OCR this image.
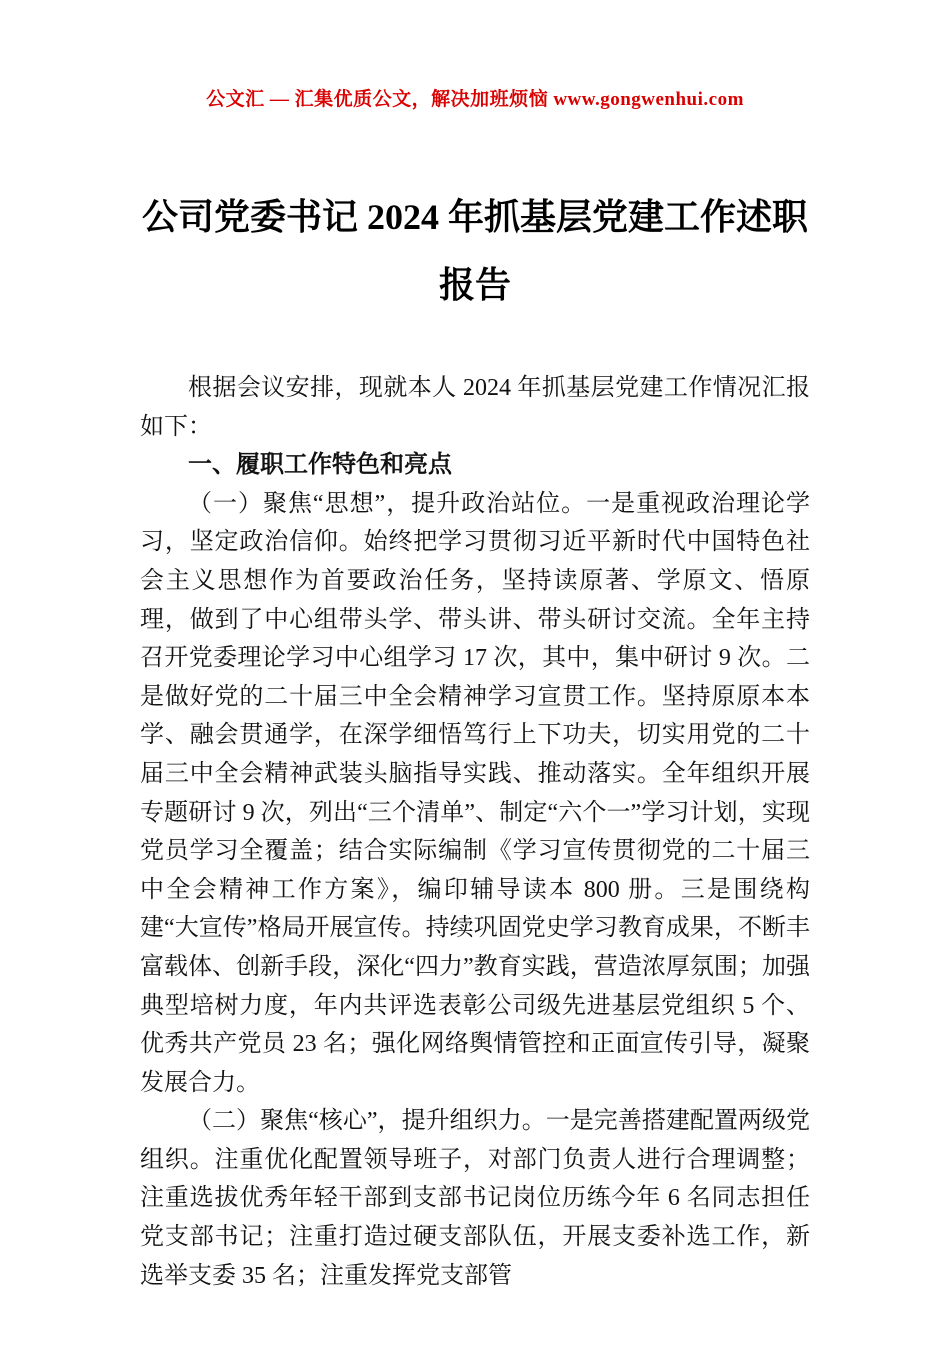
公文汇 — 汇集优质公文，解决加班烦恼 www.gongwenhui.com
公司党委书记 2024 年抓基层党建工作述职
报告

根据会议安排，现就本人 2024 年抓基层党建工作情况汇报如下：

一、履职工作特色和亮点

（一）聚焦“思想”，提升政治站位。一是重视政治理论学习，坚定政治信仰。始终把学习贯彻习近平新时代中国特色社会主义思想作为首要政治任务，坚持读原著、学原文、悟原理，做到了中心组带头学、带头讲、带头研讨交流。全年主持召开党委理论学习中心组学习 17 次，其中，集中研讨 9 次。二是做好党的二十届三中全会精神学习宣贯工作。坚持原原本本学、融会贯通学，在深学细悟笃行上下功夫，切实用党的二十届三中全会精神武装头脑指导实践、推动落实。全年组织开展专题研讨 9 次，列出“三个清单”、制定“六个一”学习计划，实现党员学习全覆盖；结合实际编制《学习宣传贯彻党的二十届三中全会精神工作方案》，编印辅导读本 800 册。三是围绕构建“大宣传”格局开展宣传。持续巩固党史学习教育成果，不断丰富载体、创新手段，深化“四力”教育实践，营造浓厚氛围；加强典型培树力度，年内共评选表彰公司级先进基层党组织 5 个、优秀共产党员 23 名；强化网络舆情管控和正面宣传引导，凝聚发展合力。

（二）聚焦“核心”，提升组织力。一是完善搭建配置两级党组织。注重优化配置领导班子，对部门负责人进行合理调整；注重选拔优秀年轻干部到支部书记岗位历练今年 6 名同志担任党支部书记；注重打造过硬支部队伍，开展支委补选工作，新选举支委 35 名；注重发挥党支部管
